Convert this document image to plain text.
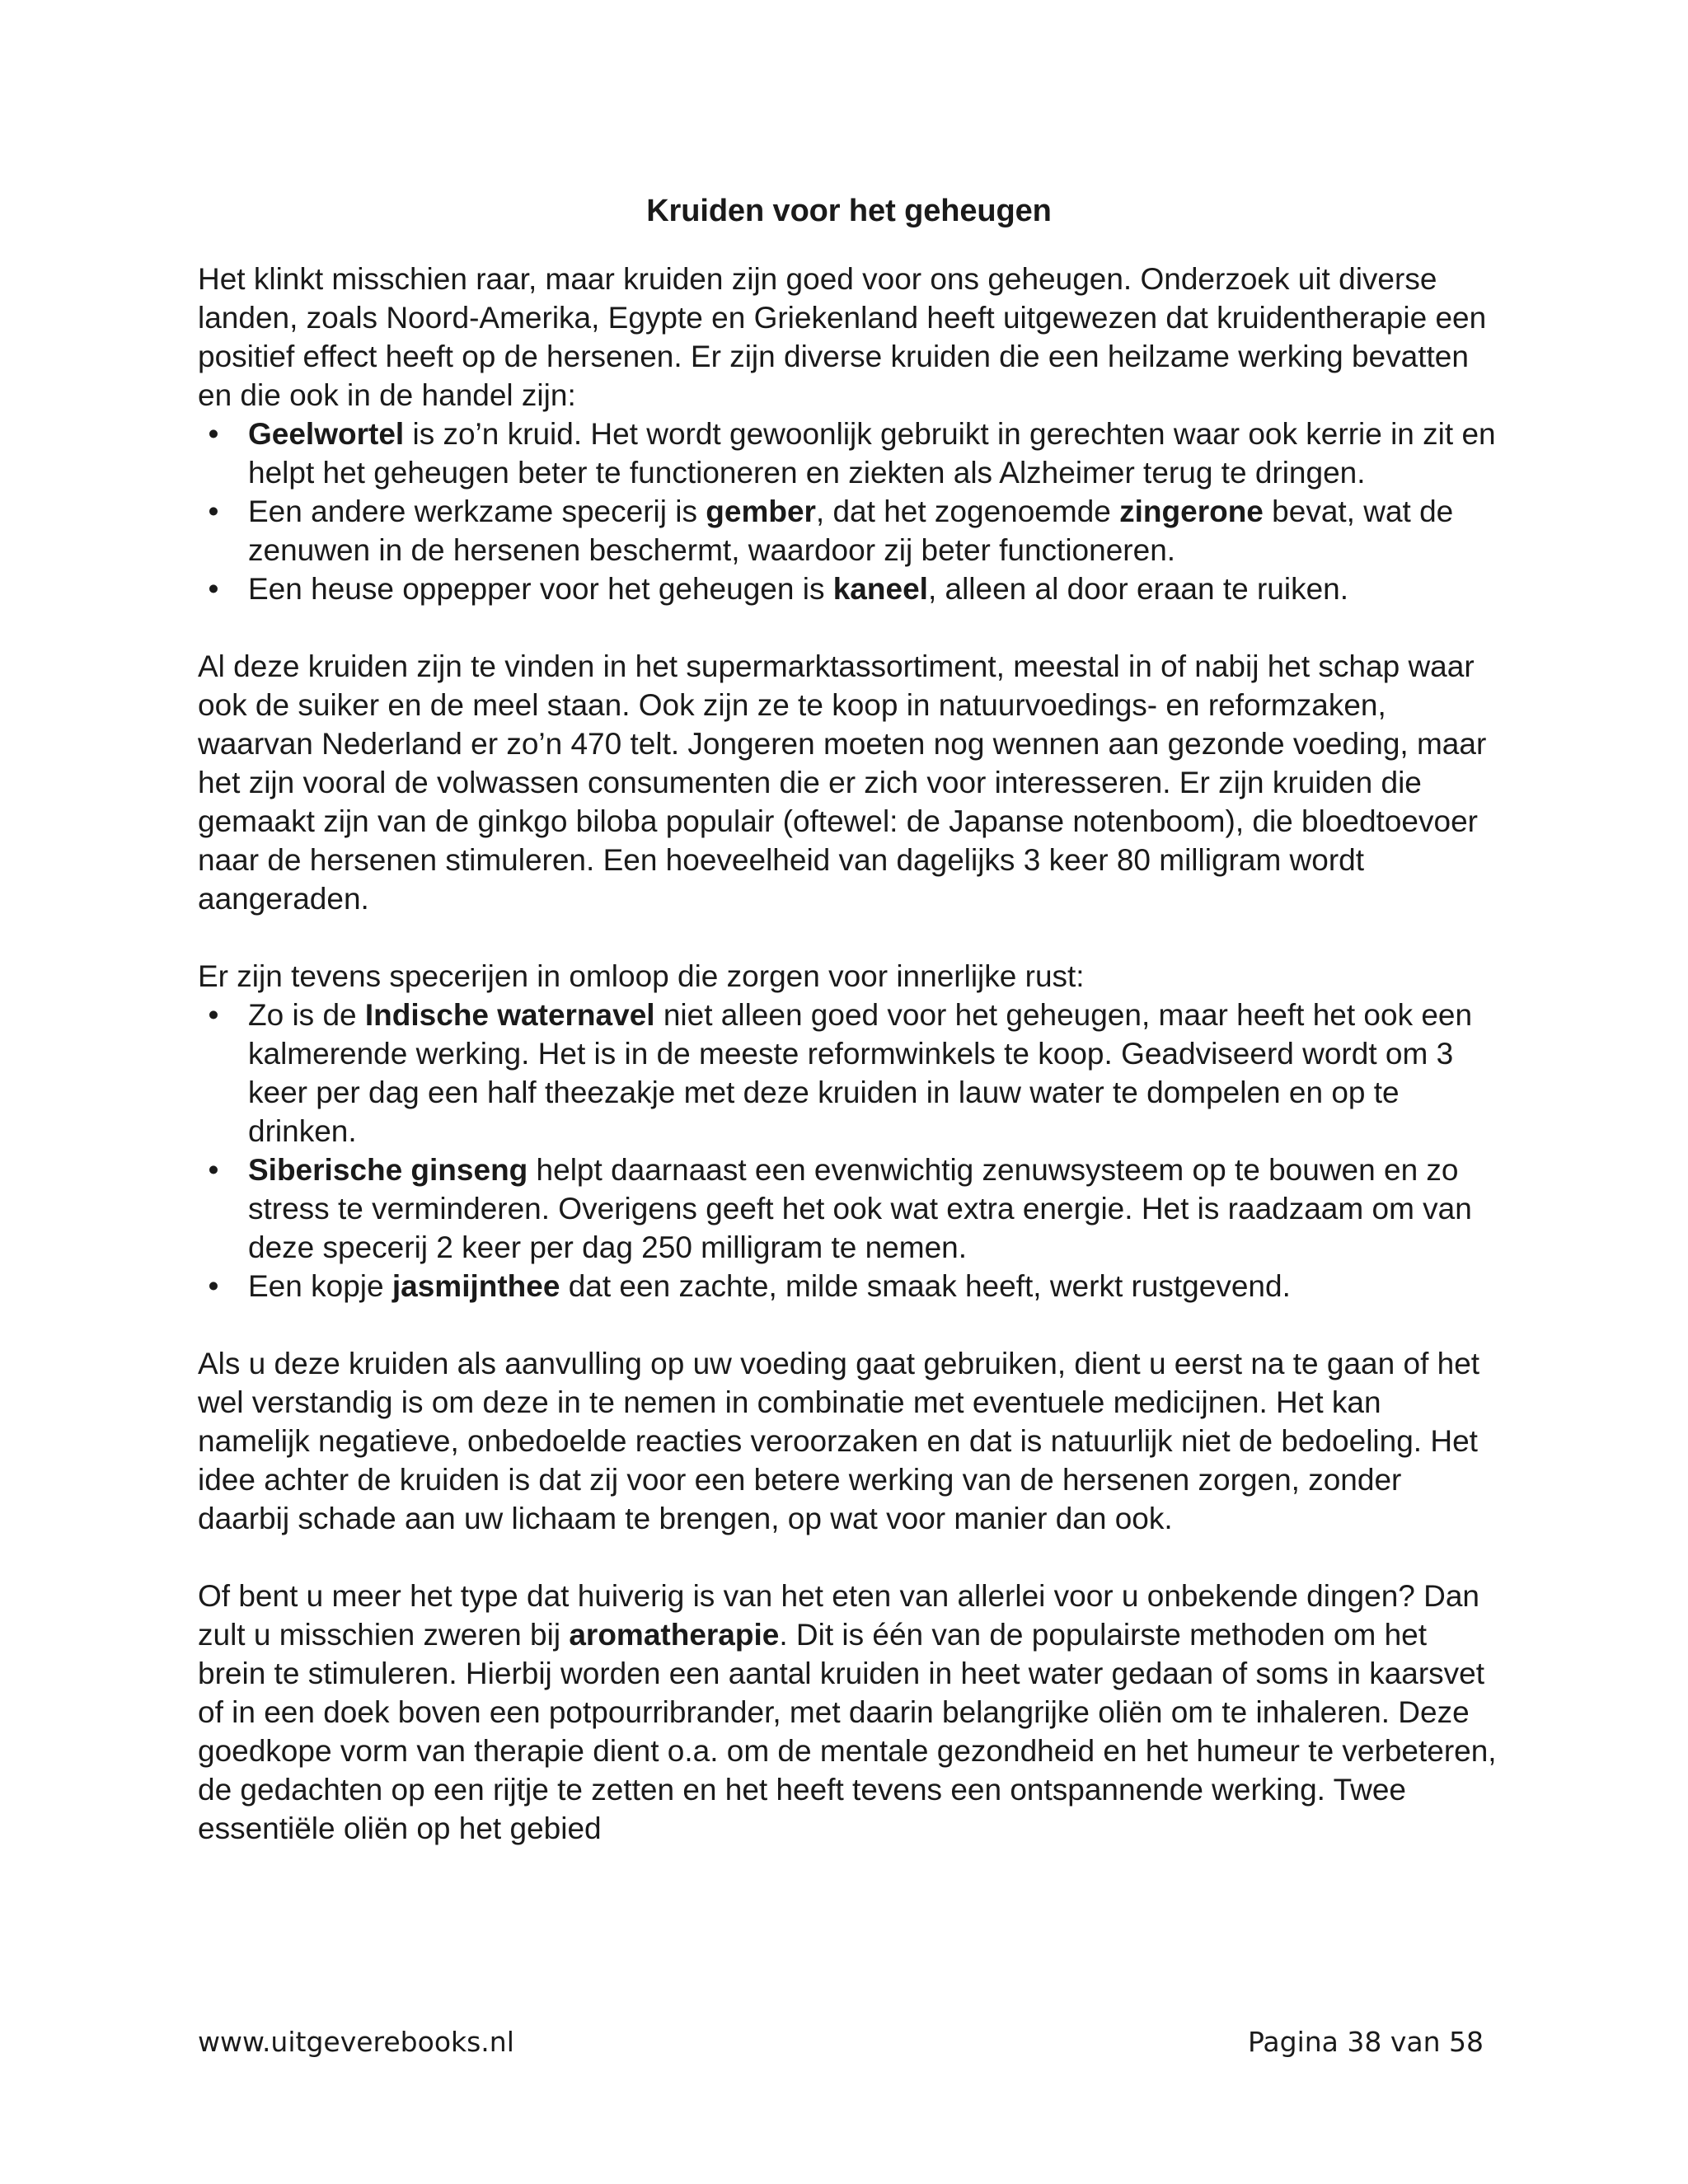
Kruiden voor het geheugen

Het klinkt misschien raar, maar kruiden zijn goed voor ons geheugen. Onderzoek uit diverse landen, zoals Noord-Amerika, Egypte en Griekenland heeft uitgewezen dat kruidentherapie een positief effect heeft op de hersenen. Er zijn diverse kruiden die een heilzame werking bevatten en die ook in de handel zijn:

• Geelwortel is zo’n kruid. Het wordt gewoonlijk gebruikt in gerechten waar ook kerrie in zit en helpt het geheugen beter te functioneren en ziekten als Alzheimer terug te dringen.
• Een andere werkzame specerij is gember, dat het zogenoemde zingerone bevat, wat de zenuwen in de hersenen beschermt, waardoor zij beter functioneren.
• Een heuse oppepper voor het geheugen is kaneel, alleen al door eraan te ruiken.

Al deze kruiden zijn te vinden in het supermarktassortiment, meestal in of nabij het schap waar ook de suiker en de meel staan. Ook zijn ze te koop in natuurvoedings- en reformzaken, waarvan Nederland er zo’n 470 telt. Jongeren moeten nog wennen aan gezonde voeding, maar het zijn vooral de volwassen consumenten die er zich voor interesseren. Er zijn kruiden die gemaakt zijn van de ginkgo biloba populair (oftewel: de Japanse notenboom), die bloedtoevoer naar de hersenen stimuleren. Een hoeveelheid van dagelijks 3 keer 80 milligram wordt aangeraden.

Er zijn tevens specerijen in omloop die zorgen voor innerlijke rust:

• Zo is de Indische waternavel niet alleen goed voor het geheugen, maar heeft het ook een kalmerende werking. Het is in de meeste reformwinkels te koop. Geadviseerd wordt om 3 keer per dag een half theezakje met deze kruiden in lauw water te dompelen en op te drinken.
• Siberische ginseng helpt daarnaast een evenwichtig zenuwsysteem op te bouwen en zo stress te verminderen. Overigens geeft het ook wat extra energie. Het is raadzaam om van deze specerij 2 keer per dag 250 milligram te nemen.
• Een kopje jasmijnthee dat een zachte, milde smaak heeft, werkt rustgevend.

Als u deze kruiden als aanvulling op uw voeding gaat gebruiken, dient u eerst na te gaan of het wel verstandig is om deze in te nemen in combinatie met eventuele medicijnen. Het kan namelijk negatieve, onbedoelde reacties veroorzaken en dat is natuurlijk niet de bedoeling. Het idee achter de kruiden is dat zij voor een betere werking van de hersenen zorgen, zonder daarbij schade aan uw lichaam te brengen, op wat voor manier dan ook.

Of bent u meer het type dat huiverig is van het eten van allerlei voor u onbekende dingen? Dan zult u misschien zweren bij aromatherapie. Dit is één van de populairste methoden om het brein te stimuleren. Hierbij worden een aantal kruiden in heet water gedaan of soms in kaarsvet of in een doek boven een potpourribrander, met daarin belangrijke oliën om te inhaleren. Deze goedkope vorm van therapie dient o.a. om de mentale gezondheid en het humeur te verbeteren, de gedachten op een rijtje te zetten en het heeft tevens een ontspannende werking. Twee essentiële oliën op het gebied

www.uitgeverebooks.nl	Pagina 38 van 58
